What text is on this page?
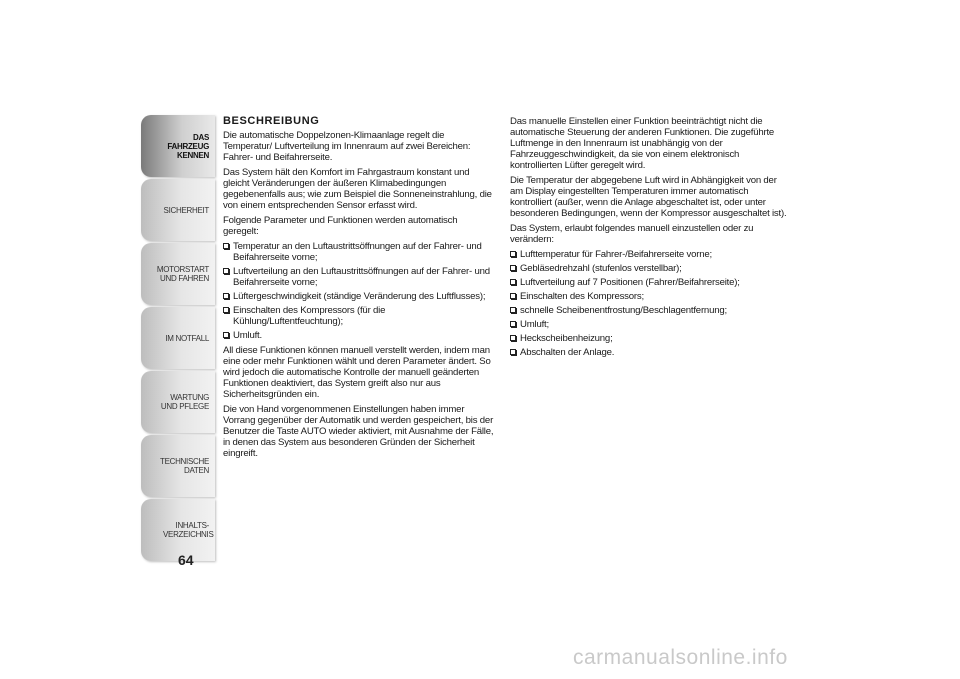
DAS FAHRZEUG KENNEN
SICHERHEIT
MOTORSTART UND FAHREN
IM NOTFALL
WARTUNG UND PFLEGE
TECHNISCHE DATEN
INHALTS-VERZEICHNIS
64
BESCHREIBUNG

Die automatische Doppelzonen-Klimaanlage regelt die Temperatur/ Luftverteilung im Innenraum auf zwei Bereichen: Fahrer- und Beifahrerseite.

Das System hält den Komfort im Fahrgastraum konstant und gleicht Veränderungen der äußeren Klimabedingungen gegebenenfalls aus; wie zum Beispiel die Sonneneinstrahlung, die von einem entsprechenden Sensor erfasst wird.

Folgende Parameter und Funktionen werden automatisch geregelt:

Temperatur an den Luftaustrittsöffnungen auf der Fahrer- und Beifahrerseite vorne;
Luftverteilung an den Luftaustrittsöffnungen auf der Fahrer- und Beifahrerseite vorne;
Lüftergeschwindigkeit (ständige Veränderung des Luftflusses);
Einschalten des Kompressors (für die Kühlung/Luftentfeuchtung);
Umluft.

All diese Funktionen können manuell verstellt werden, indem man eine oder mehr Funktionen wählt und deren Parameter ändert. So wird jedoch die automatische Kontrolle der manuell geänderten Funktionen deaktiviert, das System greift also nur aus Sicherheitsgründen ein.

Die von Hand vorgenommenen Einstellungen haben immer Vorrang gegenüber der Automatik und werden gespeichert, bis der Benutzer die Taste AUTO wieder aktiviert, mit Ausnahme der Fälle, in denen das System aus besonderen Gründen der Sicherheit eingreift.

Das manuelle Einstellen einer Funktion beeinträchtigt nicht die automatische Steuerung der anderen Funktionen. Die zugeführte Luftmenge in den Innenraum ist unabhängig von der Fahrzeuggeschwindigkeit, da sie von einem elektronisch kontrollierten Lüfter geregelt wird.

Die Temperatur der abgegebene Luft wird in Abhängigkeit von der am Display eingestellten Temperaturen immer automatisch kontrolliert (außer, wenn die Anlage abgeschaltet ist, oder unter besonderen Bedingungen, wenn der Kompressor ausgeschaltet ist).

Das System, erlaubt folgendes manuell einzustellen oder zu verändern:

Lufttemperatur für Fahrer-/Beifahrerseite vorne;
Gebläsedrehzahl (stufenlos verstellbar);
Luftverteilung auf 7 Positionen (Fahrer/Beifahrerseite);
Einschalten des Kompressors;
schnelle Scheibenentfrostung/Beschlagentfernung;
Umluft;
Heckscheibenheizung;
Abschalten der Anlage.
carmanualsonline.info
